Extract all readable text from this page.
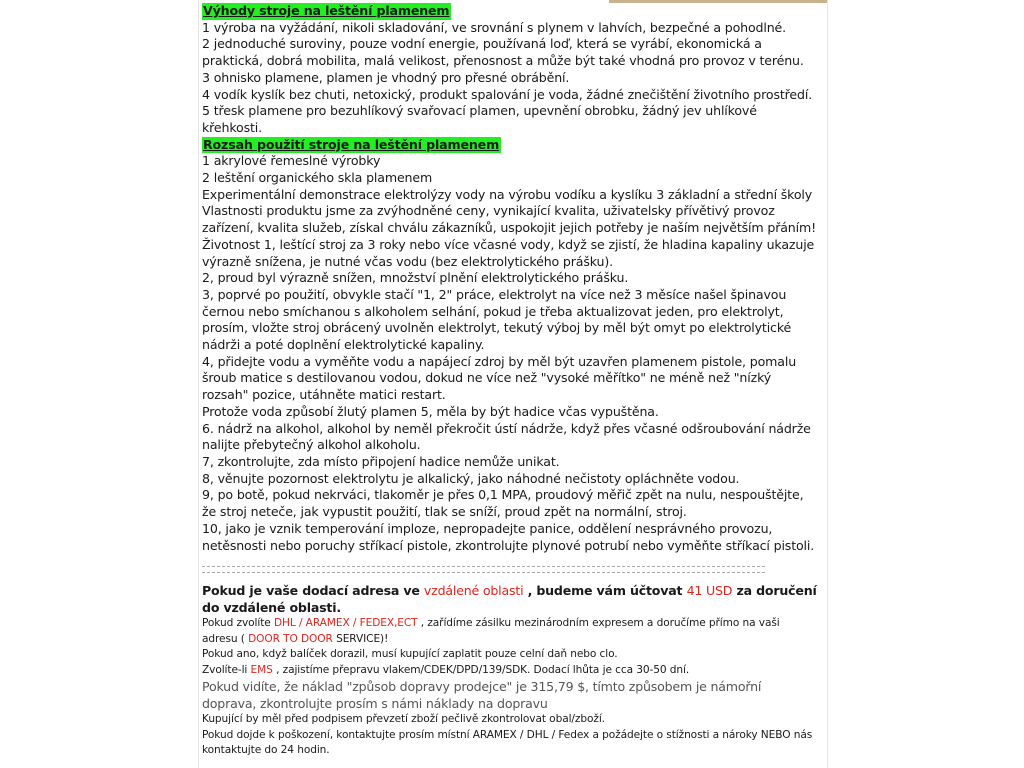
Výhody stroje na leštění plamenem

1 výroba na vyžádání, nikoli skladování, ve srovnání s plynem v lahvích, bezpečné a pohodlné.

2 jednoduché suroviny, pouze vodní energie, používaná loď, která se vyrábí, ekonomická a praktická, dobrá mobilita, malá velikost, přenosnost a může být také vhodná pro provoz v terénu.

3 ohnisko plamene, plamen je vhodný pro přesné obrábění.

4 vodík kyslík bez chuti, netoxický, produkt spalování je voda, žádné znečištění životního prostředí.

5 třesk plamene pro bezuhlíkový svařovací plamen, upevnění obrobku, žádný jev uhlíkové křehkosti.

Rozsah použití stroje na leštění plamenem

1 akrylové řemeslné výrobky

2 leštění organického skla plamenem

Experimentální demonstrace elektrolýzy vody na výrobu vodíku a kyslíku 3 základní a střední školy

Vlastnosti produktu jsme za zvýhodněné ceny, vynikající kvalita, uživatelsky přívětivý provoz zařízení, kvalita služeb, získal chválu zákazníků, uspokojit jejich potřeby je naším největším přáním!

Životnost 1, leštící stroj za 3 roky nebo více včasné vody, když se zjistí, že hladina kapaliny ukazuje výrazně snížena, je nutné včas vodu (bez elektrolytického prášku).

2, proud byl výrazně snížen, množství plnění elektrolytického prášku.

3, poprvé po použití, obvykle stačí "1, 2" práce, elektrolyt na více než 3 měsíce našel špinavou černou nebo smíchanou s alkoholem selhání, pokud je třeba aktualizovat jeden, pro elektrolyt, prosím, vložte stroj obrácený uvolněn elektrolyt, tekutý výboj by měl být omyt po elektrolytické nádrži a poté doplnění elektrolytické kapaliny.

4, přidejte vodu a vyměňte vodu a napájecí zdroj by měl být uzavřen plamenem pistole, pomalu šroub matice s destilovanou vodou, dokud ne více než "vysoké měřítko" ne méně než "nízký rozsah" pozice, utáhněte matici restart.

Protože voda způsobí žlutý plamen 5, měla by být hadice včas vypuštěna.

6. nádrž na alkohol, alkohol by neměl překročit ústí nádrže, když přes včasné odšroubování nádrže nalijte přebytečný alkohol alkoholu.

7, zkontrolujte, zda místo připojení hadice nemůže unikat.

8, věnujte pozornost elektrolytu je alkalický, jako náhodné nečistoty opláchněte vodou.

9, po botě, pokud nekrváci, tlakoměr je přes 0,1 MPA, proudový měřič zpět na nulu, nespouštějte, že stroj neteče, jak vypustit použití, tlak se sníží, proud zpět na normální, stroj.

10, jako je vznik temperování imploze, nepropadejte panice, oddělení nesprávného provozu, netěsnosti nebo poruchy stříkací pistole, zkontrolujte plynové potrubí nebo vyměňte stříkací pistoli.

Pokud je vaše dodací adresa ve vzdálené oblasti , budeme vám účtovat 41 USD za doručení do vzdálené oblasti.

Pokud zvolíte DHL / ARAMEX / FEDEX,ECT , zařídíme zásilku mezinárodním expresem a doručíme přímo na vaši adresu ( DOOR TO DOOR SERVICE)!

Pokud ano, když balíček dorazil, musí kupující zaplatit pouze celní daň nebo clo.

Zvolíte-li EMS , zajistíme přepravu vlakem/CDEK/DPD/139/SDK. Dodací lhůta je cca 30-50 dní.

Pokud vidíte, že náklad "způsob dopravy prodejce" je 315,79 $, tímto způsobem je námořní doprava, zkontrolujte prosím s námi náklady na dopravu

Kupující by měl před podpisem převzetí zboží pečlivě zkontrolovat obal/zboží.

Pokud dojde k poškození, kontaktujte prosím místní ARAMEX / DHL / Fedex a požádejte o stížnosti a nároky NEBO nás kontaktujte do 24 hodin.
